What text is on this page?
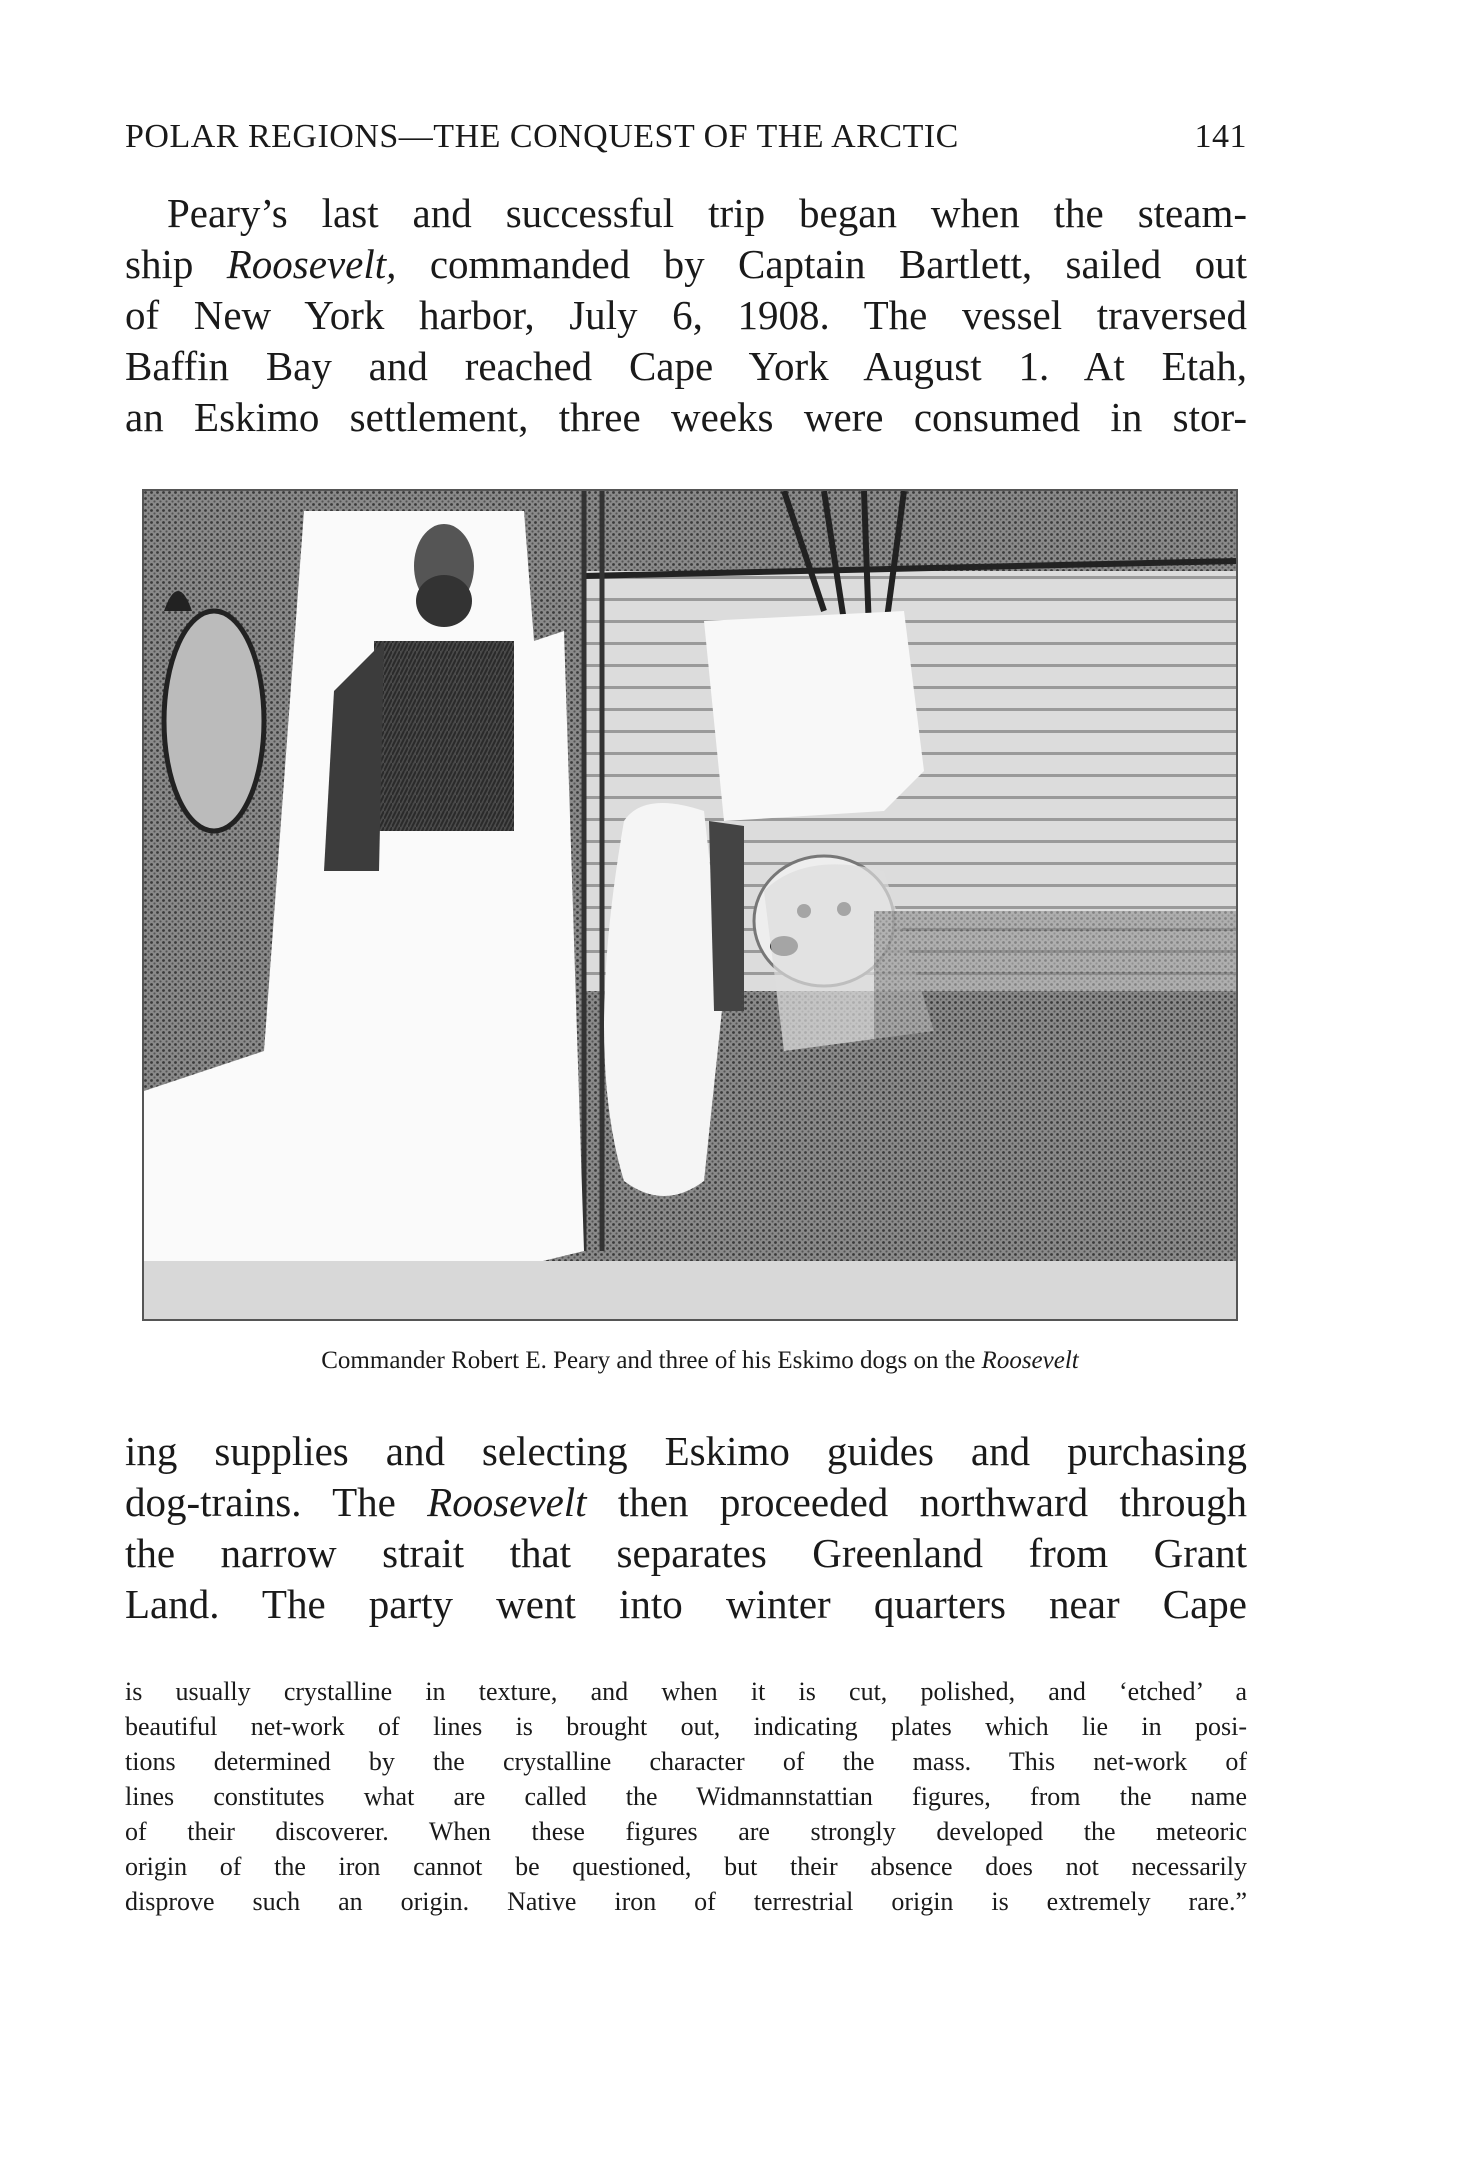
POLAR REGIONS—THE CONQUEST OF THE ARCTIC	141
Peary’s last and successful trip began when the steam-
ship Roosevelt, commanded by Captain Bartlett, sailed out
of New York harbor, July 6, 1908. The vessel traversed
Baffin Bay and reached Cape York August 1. At Etah,
an Eskimo settlement, three weeks were consumed in stor-
Commander Robert E. Peary and three of his Eskimo dogs on the Roosevelt
ing supplies and selecting Eskimo guides and purchasing
dog-trains. The Roosevelt then proceeded northward through
the narrow strait that separates Greenland from Grant
Land. The party went into winter quarters near Cape
is usually crystalline in texture, and when it is cut, polished, and ‘etched’ a
beautiful net-work of lines is brought out, indicating plates which lie in posi-
tions determined by the crystalline character of the mass. This net-work of
lines constitutes what are called the Widmannstattian figures, from the name
of their discoverer. When these figures are strongly developed the meteoric
origin of the iron cannot be questioned, but their absence does not necessarily
disprove such an origin. Native iron of terrestrial origin is extremely rare.”
